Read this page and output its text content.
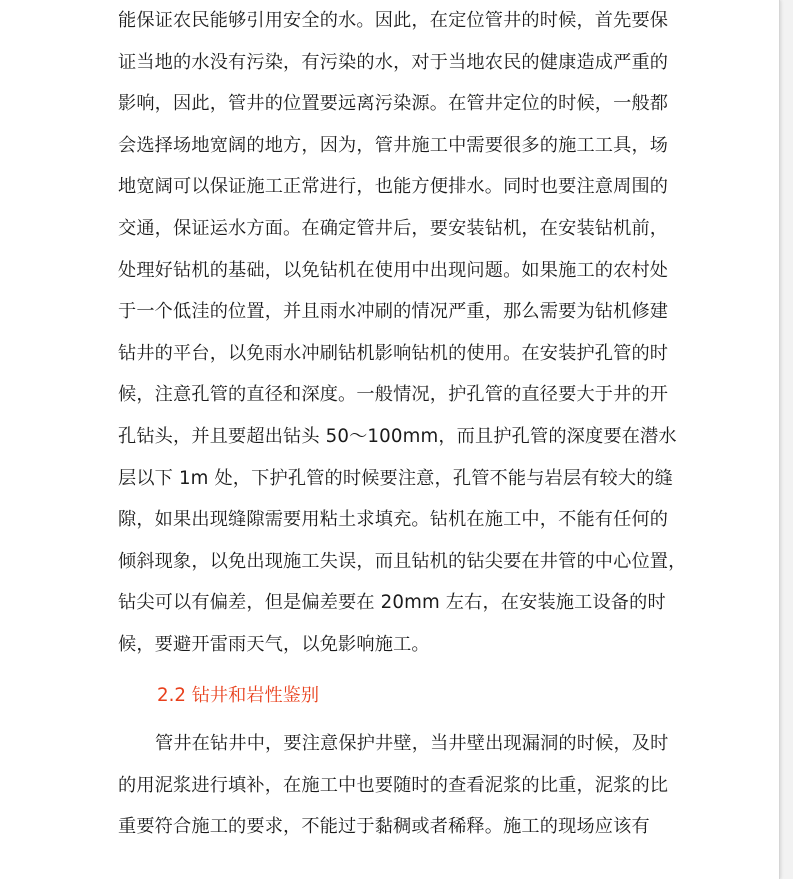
能保证农民能够引用安全的水。因此，在定位管井的时候，首先要保
证当地的水没有污染，有污染的水，对于当地农民的健康造成严重的
影响，因此，管井的位置要远离污染源。在管井定位的时候，一般都
会选择场地宽阔的地方，因为，管井施工中需要很多的施工工具，场
地宽阔可以保证施工正常进行，也能方便排水。同时也要注意周围的
交通，保证运水方面。在确定管井后，要安装钻机，在安装钻机前，
处理好钻机的基础，以免钻机在使用中出现问题。如果施工的农村处
于一个低洼的位置，并且雨水冲刷的情况严重，那么需要为钻机修建
钻井的平台，以免雨水冲刷钻机影响钻机的使用。在安装护孔管的时
候，注意孔管的直径和深度。一般情况，护孔管的直径要大于井的开
孔钻头，并且要超出钻头 50～100mm，而且护孔管的深度要在潜水
层以下 1m 处，下护孔管的时候要注意，孔管不能与岩层有较大的缝
隙，如果出现缝隙需要用粘土求填充。钻机在施工中，不能有任何的
倾斜现象，以免出现施工失误，而且钻机的钻尖要在井管的中心位置，
钻尖可以有偏差，但是偏差要在 20mm 左右，在安装施工设备的时
候，要避开雷雨天气，以免影响施工。
2.2 钻井和岩性鉴别
管井在钻井中，要注意保护井壁，当井壁出现漏洞的时候，及时
的用泥浆进行填补，在施工中也要随时的查看泥浆的比重，泥浆的比
重要符合施工的要求，不能过于黏稠或者稀释。施工的现场应该有
